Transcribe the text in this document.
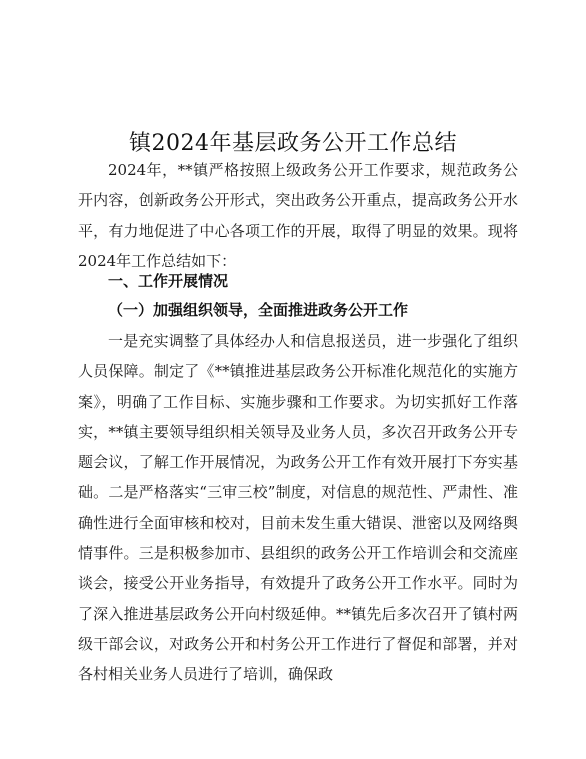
镇2024年基层政务公开工作总结

2024年，**镇严格按照上级政务公开工作要求，规范政务公开内容，创新政务公开形式，突出政务公开重点，提高政务公开水平，有力地促进了中心各项工作的开展，取得了明显的效果。现将2024年工作总结如下：

一、工作开展情况
（一）加强组织领导，全面推进政务公开工作

一是充实调整了具体经办人和信息报送员，进一步强化了组织人员保障。制定了《**镇推进基层政务公开标准化规范化的实施方案》，明确了工作目标、实施步骤和工作要求。为切实抓好工作落实，**镇主要领导组织相关领导及业务人员，多次召开政务公开专题会议，了解工作开展情况，为政务公开工作有效开展打下夯实基础。二是严格落实“三审三校”制度，对信息的规范性、严肃性、准确性进行全面审核和校对，目前未发生重大错误、泄密以及网络舆情事件。三是积极参加市、县组织的政务公开工作培训会和交流座谈会，接受公开业务指导，有效提升了政务公开工作水平。同时为了深入推进基层政务公开向村级延伸。**镇先后多次召开了镇村两级干部会议，对政务公开和村务公开工作进行了督促和部署，并对各村相关业务人员进行了培训，确保政
